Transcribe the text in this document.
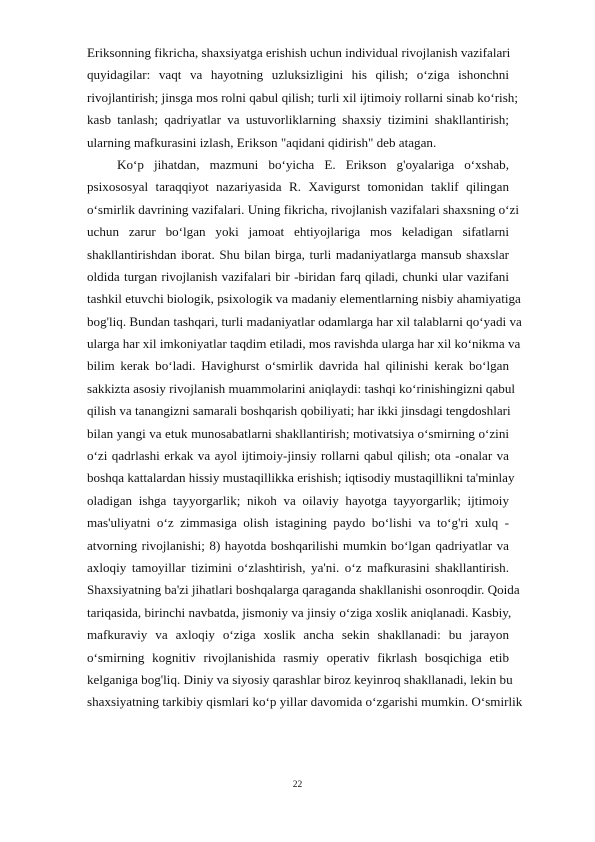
Eriksonning fikricha, shaxsiyatga erishish uchun individual rivojlanish vazifalari
quyidagilar: vaqt va hayotning uzluksizligini his qilish; o‘ziga ishonchni
rivojlantirish; jinsga mos rolni qabul qilish; turli xil ijtimoiy rollarni sinab ko‘rish;
kasb tanlash; qadriyatlar va ustuvorliklarning shaxsiy tizimini shakllantirish;
ularning mafkurasini izlash, Erikson "aqidani qidirish" deb atagan.
Ko‘p jihatdan, mazmuni bo‘yicha E. Erikson g'oyalariga o‘xshab,
psixososyal taraqqiyot nazariyasida R. Xavigurst tomonidan taklif qilingan
o‘smirlik davrining vazifalari. Uning fikricha, rivojlanish vazifalari shaxsning o‘zi
uchun zarur bo‘lgan yoki jamoat ehtiyojlariga mos keladigan sifatlarni
shakllantirishdan iborat. Shu bilan birga, turli madaniyatlarga mansub shaxslar
oldida turgan rivojlanish vazifalari bir -biridan farq qiladi, chunki ular vazifani
tashkil etuvchi biologik, psixologik va madaniy elementlarning nisbiy ahamiyatiga
bog'liq. Bundan tashqari, turli madaniyatlar odamlarga har xil talablarni qo‘yadi va
ularga har xil imkoniyatlar taqdim etiladi, mos ravishda ularga har xil ko‘nikma va
bilim kerak bo‘ladi. Havighurst o‘smirlik davrida hal qilinishi kerak bo‘lgan
sakkizta asosiy rivojlanish muammolarini aniqlaydi: tashqi ko‘rinishingizni qabul
qilish va tanangizni samarali boshqarish qobiliyati; har ikki jinsdagi tengdoshlari
bilan yangi va etuk munosabatlarni shakllantirish; motivatsiya o‘smirning o‘zini
o‘zi qadrlashi erkak va ayol ijtimoiy-jinsiy rollarni qabul qilish; ota -onalar va
boshqa kattalardan hissiy mustaqillikka erishish; iqtisodiy mustaqillikni ta'minlay
oladigan ishga tayyorgarlik; nikoh va oilaviy hayotga tayyorgarlik; ijtimoiy
mas'uliyatni o‘z zimmasiga olish istagining paydo bo‘lishi va to‘g'ri xulq -
atvorning rivojlanishi; 8) hayotda boshqarilishi mumkin bo‘lgan qadriyatlar va
axloqiy tamoyillar tizimini o‘zlashtirish, ya'ni. o‘z mafkurasini shakllantirish.
Shaxsiyatning ba'zi jihatlari boshqalarga qaraganda shakllanishi osonroqdir. Qoida
tariqasida, birinchi navbatda, jismoniy va jinsiy o‘ziga xoslik aniqlanadi. Kasbiy,
mafkuraviy va axloqiy o‘ziga xoslik ancha sekin shakllanadi: bu jarayon
o‘smirning kognitiv rivojlanishida rasmiy operativ fikrlash bosqichiga etib
kelganiga bog'liq. Diniy va siyosiy qarashlar biroz keyinroq shakllanadi, lekin bu
shaxsiyatning tarkibiy qismlari ko‘p yillar davomida o‘zgarishi mumkin. O‘smirlik
22
